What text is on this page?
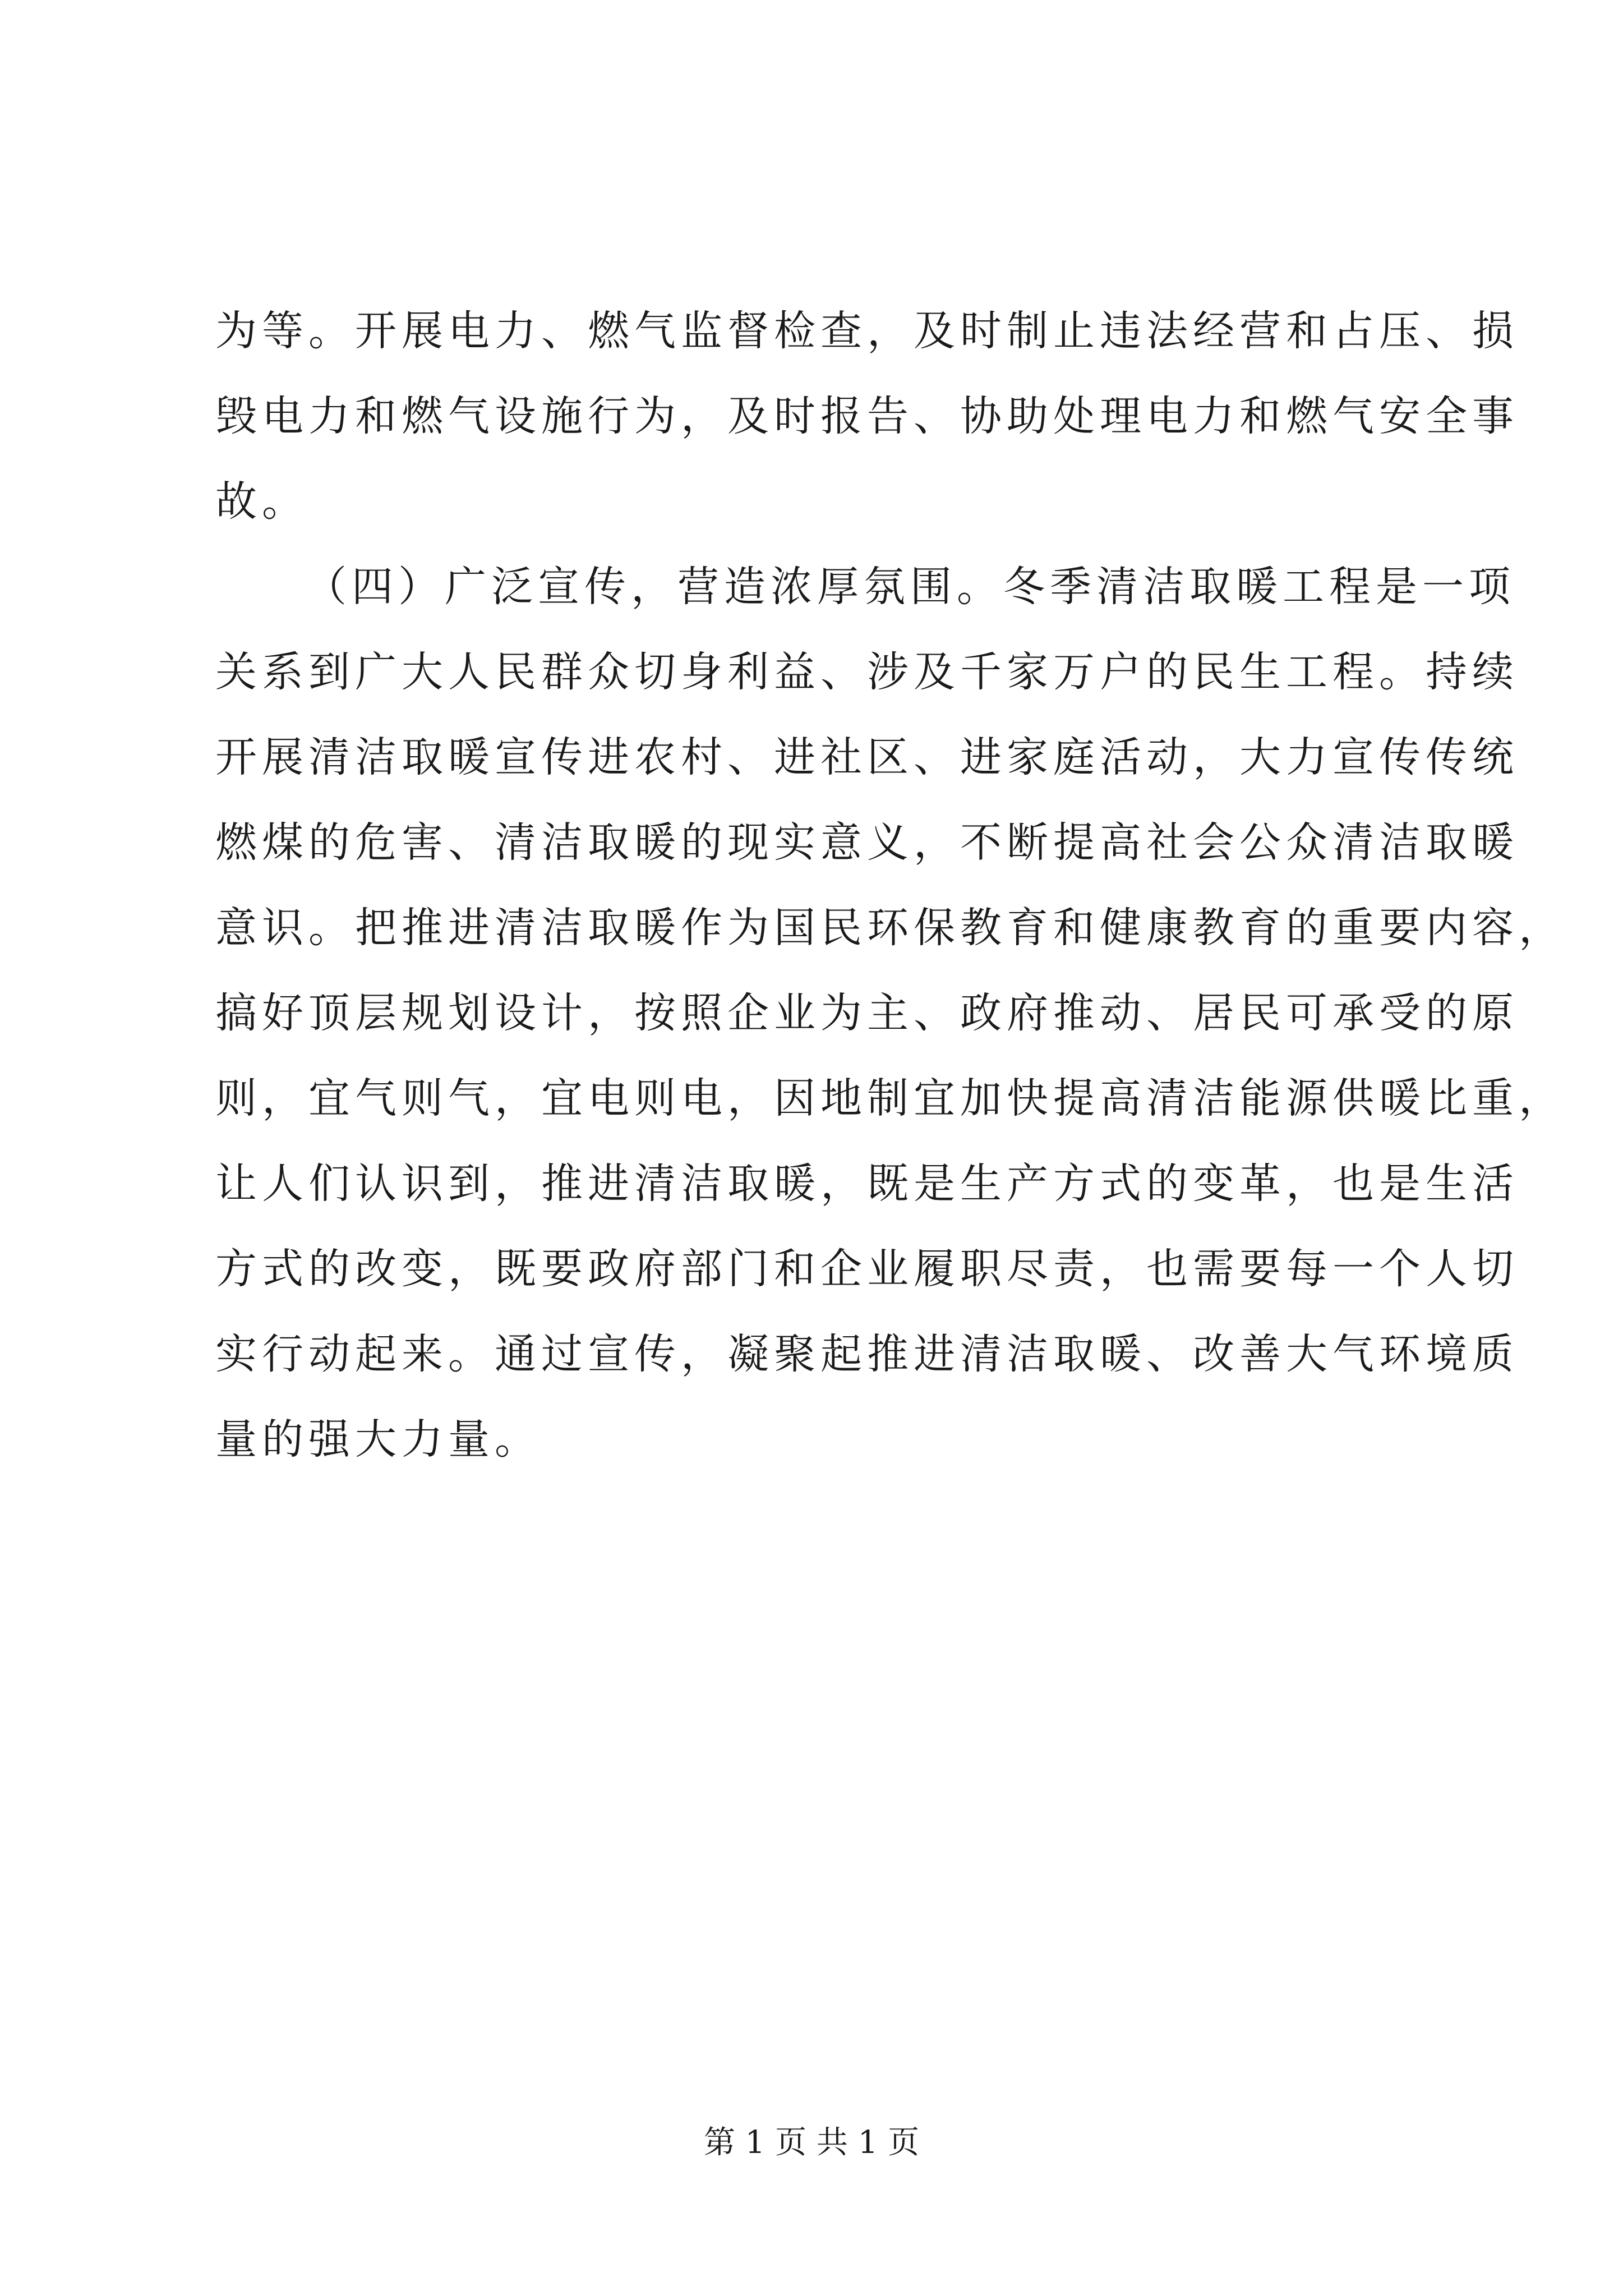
为等。开展电力、燃气监督检查，及时制止违法经营和占压、损
毁电力和燃气设施行为，及时报告、协助处理电力和燃气安全事
故。
（四）广泛宣传，营造浓厚氛围。冬季清洁取暖工程是一项
关系到广大人民群众切身利益、涉及千家万户的民生工程。持续
开展清洁取暖宣传进农村、进社区、进家庭活动，大力宣传传统
燃煤的危害、清洁取暖的现实意义，不断提高社会公众清洁取暖
意识。把推进清洁取暖作为国民环保教育和健康教育的重要内容，
搞好顶层规划设计，按照企业为主、政府推动、居民可承受的原
则，宜气则气，宜电则电，因地制宜加快提高清洁能源供暖比重，
让人们认识到，推进清洁取暖，既是生产方式的变革，也是生活
方式的改变，既要政府部门和企业履职尽责，也需要每一个人切
实行动起来。通过宣传，凝聚起推进清洁取暖、改善大气环境质
量的强大力量。
第 1 页 共 1 页
